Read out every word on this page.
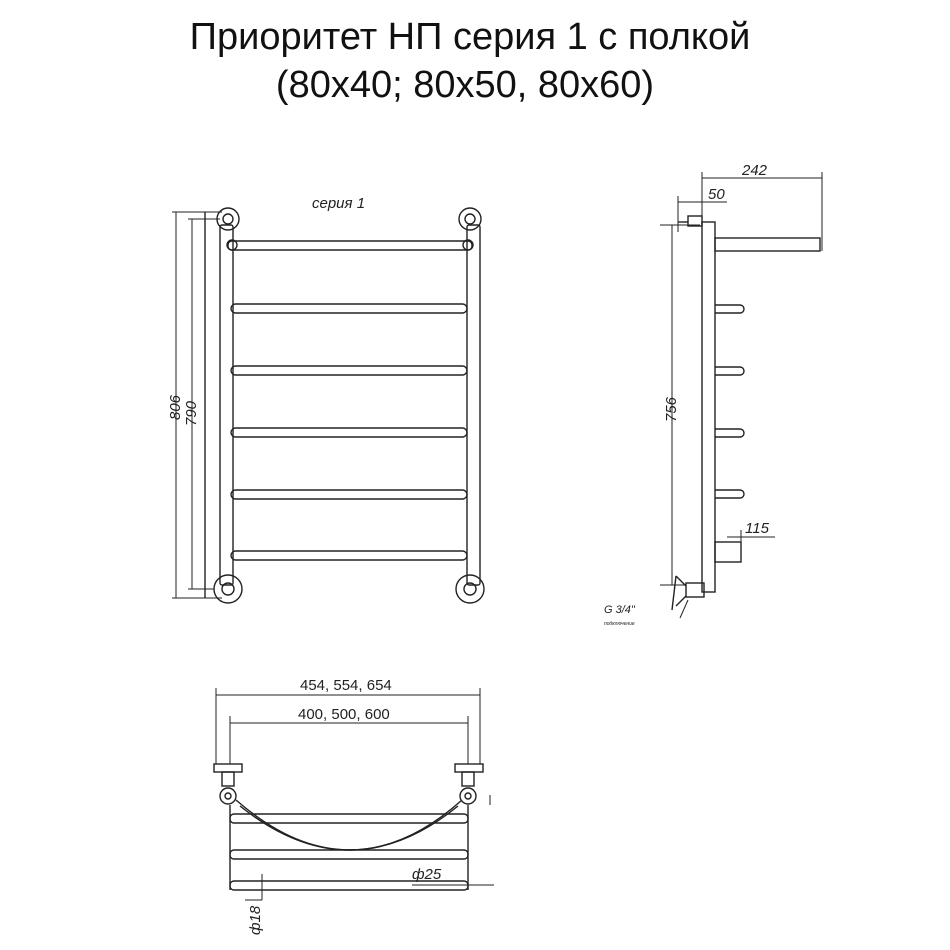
Приоритет НП серия 1 с полкой
(80x40; 80x50, 80x60)
серия 1
806 790
242
50
756
115
G 3/4"
подключение
454, 554, 654
400, 500, 600
ф25
ф18
